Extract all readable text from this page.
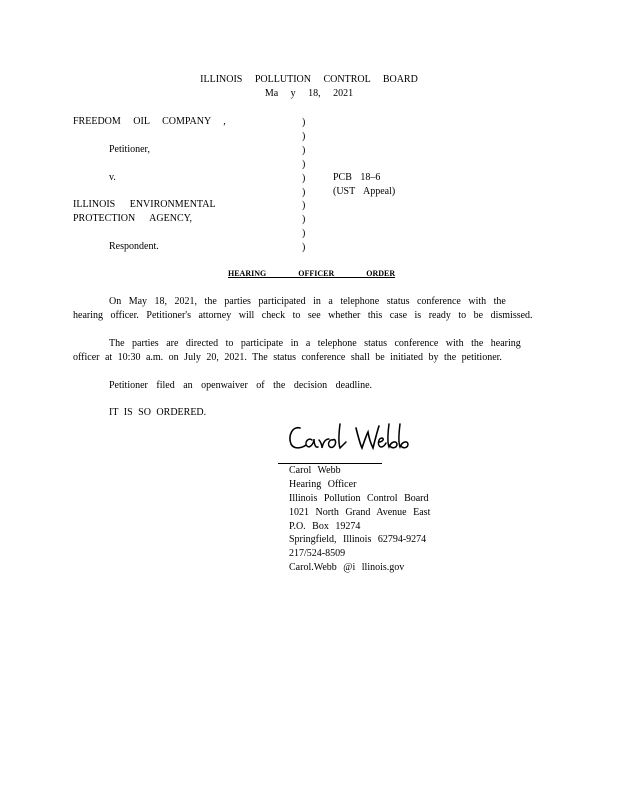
ILLINOIS POLLUTION CONTROL BOARD
Ma y 18, 2021
FREEDOM OIL COMPANY ,
Petitioner,
v.
ILLINOIS ENVIRONMENTAL
PROTECTION AGENCY,
Respondent.
)
)
)
)
)
)
)
)
)
)
PCB 18–6
(UST Appeal)
HEARING OFFICER ORDER
On May 18, 2021, the parties participated in a telephone status conference with the
hearing officer. Petitioner's attorney will check to see whether this case is ready to be dismissed.
The parties are directed to participate in a telephone status conference with the hearing
officer at 10:30 a.m. on July 20, 2021. The status conference shall be initiated by the petitioner.
Petitioner filed an openwaiver of the decision deadline.
IT IS SO ORDERED.
Carol Webb
Hearing Officer
Illinois Pollution Control Board
1021 North Grand Avenue East
P.O. Box 19274
Springfield, Illinois 62794-9274
217/524-8509
Carol.Webb @i llinois.gov
